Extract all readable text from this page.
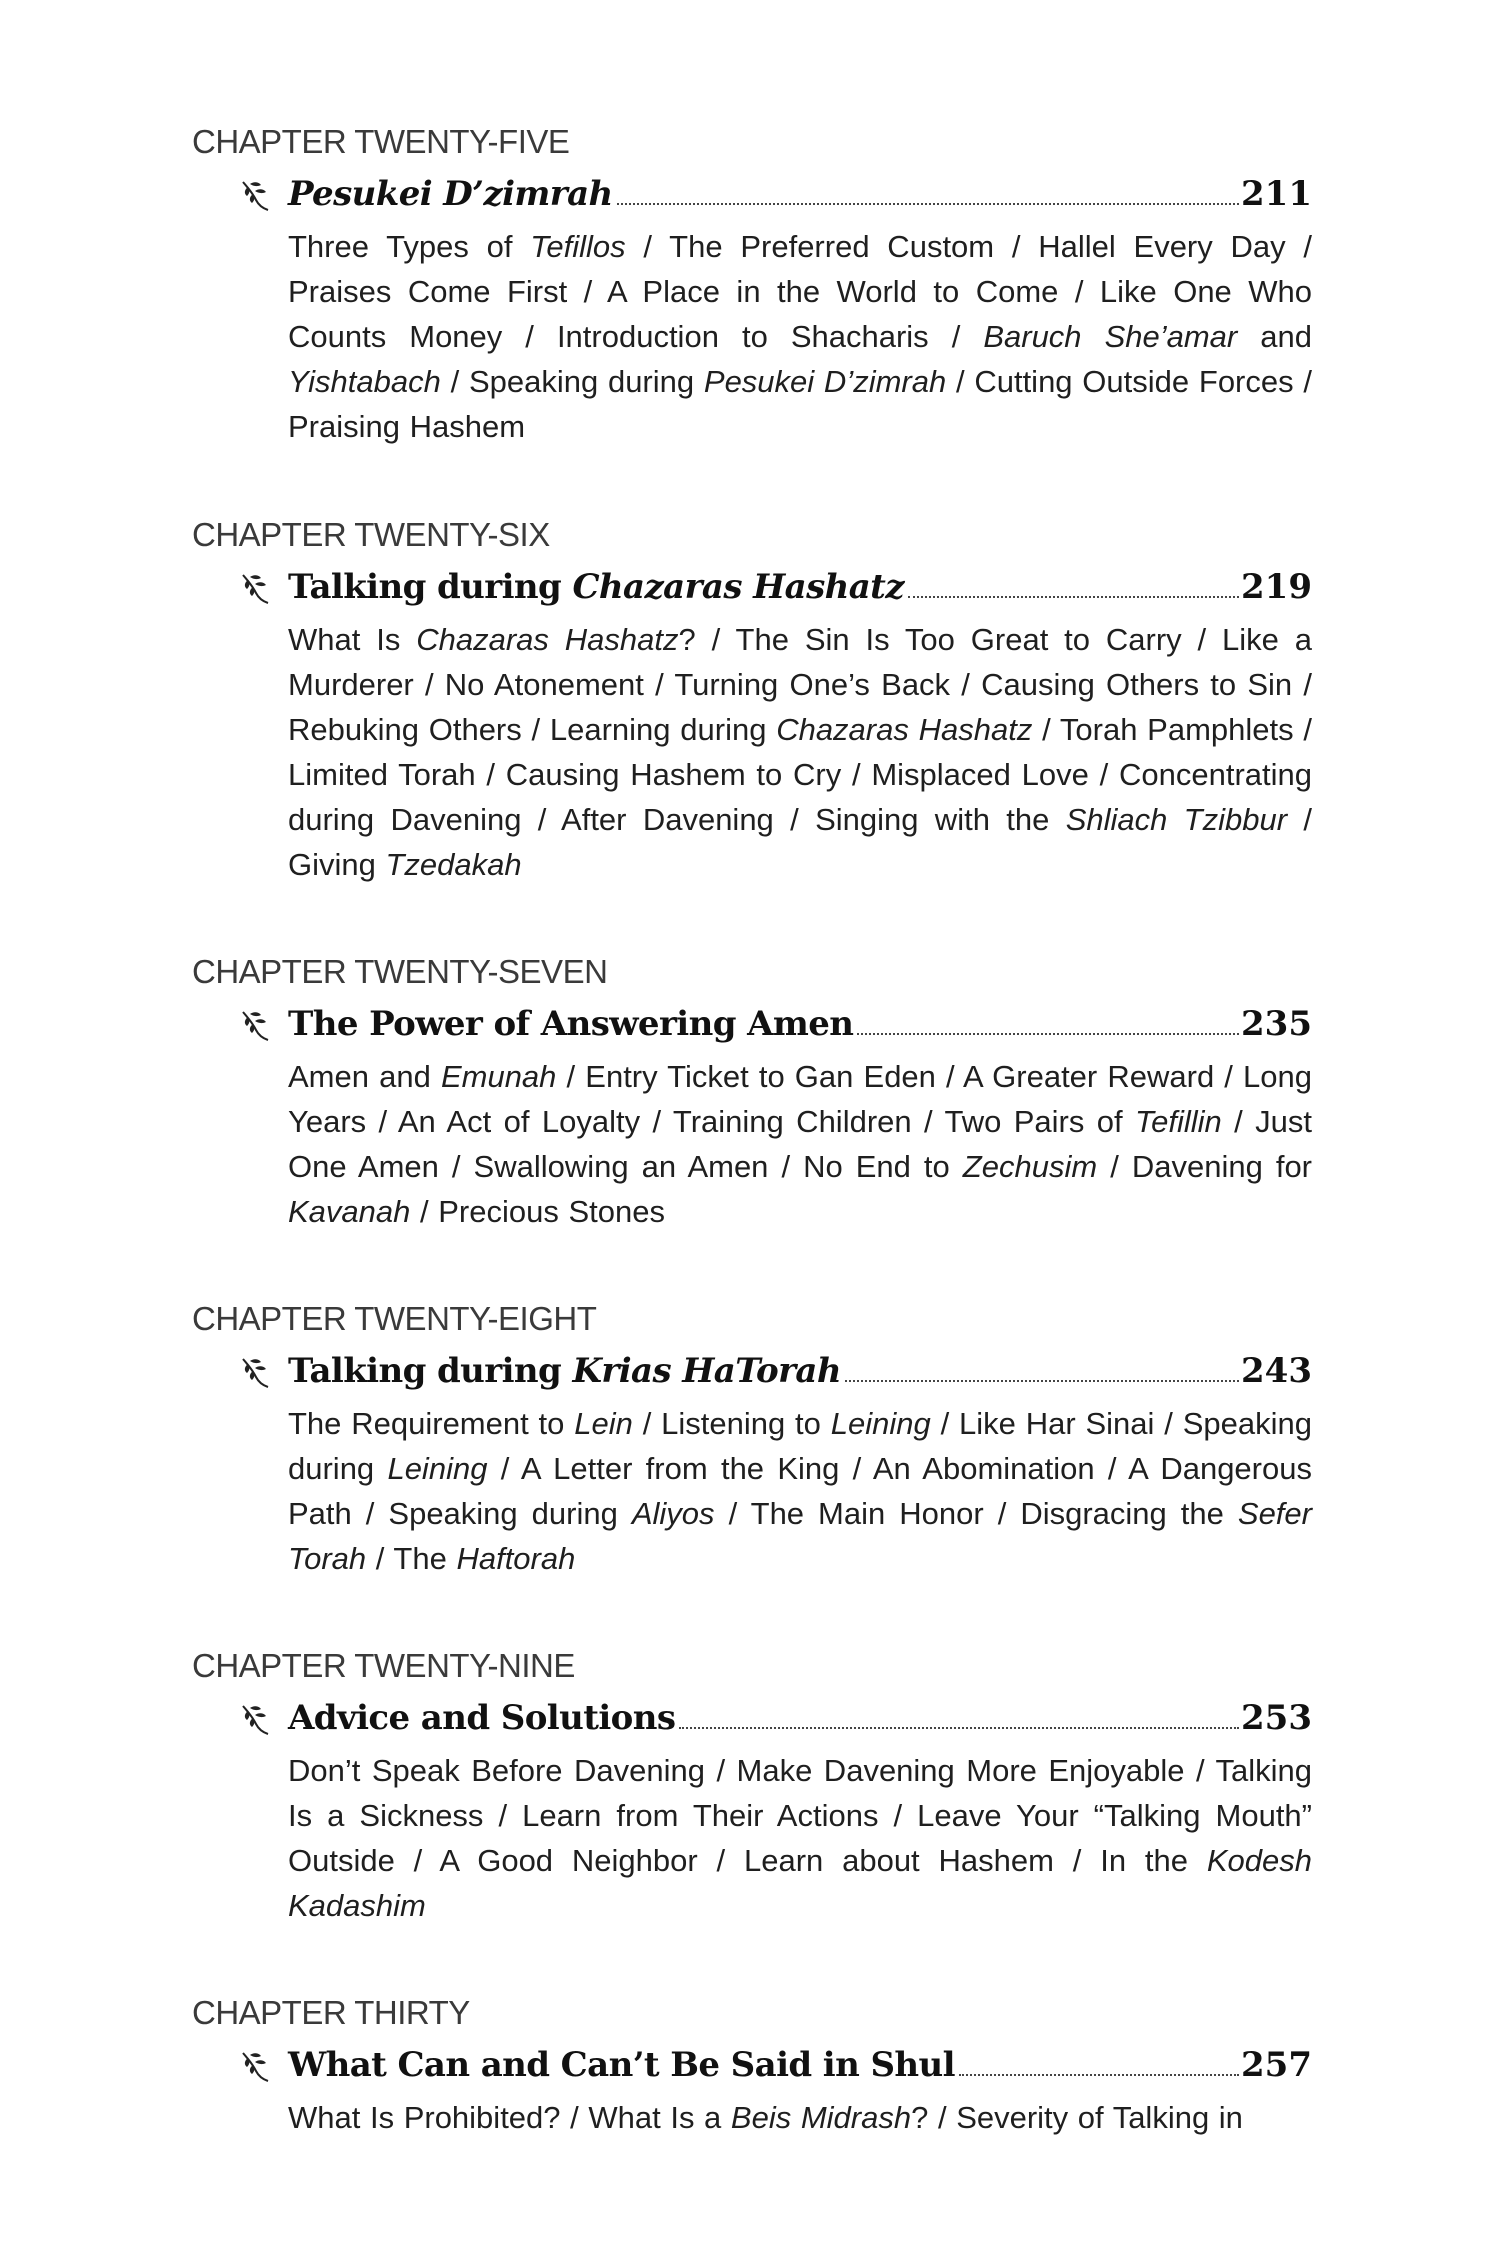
CHAPTER TWENTY-FIVE
Pesukei D’zimrah	211
Three Types of Tefillos / The Preferred Custom / Hallel Every Day / Praises Come First / A Place in the World to Come / Like One Who Counts Money / Introduction to Shacharis / Baruch She’amar and Yishtabach / Speaking during Pesukei D’zimrah / Cutting Outside Forces / Praising Hashem
CHAPTER TWENTY-SIX
Talking during Chazaras Hashatz	219
What Is Chazaras Hashatz? / The Sin Is Too Great to Carry / Like a Murderer / No Atonement / Turning One’s Back / Causing Others to Sin / Rebuking Others / Learning during Chazaras Hashatz / Torah Pamphlets / Limited Torah / Causing Hashem to Cry / Misplaced Love / Concentrating during Davening / After Davening / Singing with the Shliach Tzibbur / Giving Tzedakah
CHAPTER TWENTY-SEVEN
The Power of Answering Amen	235
Amen and Emunah / Entry Ticket to Gan Eden / A Greater Reward / Long Years / An Act of Loyalty / Training Children / Two Pairs of Tefillin / Just One Amen / Swallowing an Amen / No End to Zechusim / Davening for Kavanah / Precious Stones
CHAPTER TWENTY-EIGHT
Talking during Krias HaTorah	243
The Requirement to Lein / Listening to Leining / Like Har Sinai / Speaking during Leining / A Letter from the King / An Abomination / A Dangerous Path / Speaking during Aliyos / The Main Honor / Disgracing the Sefer Torah / The Haftorah
CHAPTER TWENTY-NINE
Advice and Solutions	253
Don’t Speak Before Davening / Make Davening More Enjoyable / Talking Is a Sickness / Learn from Their Actions / Leave Your “Talking Mouth” Outside / A Good Neighbor / Learn about Hashem / In the Kodesh Kadashim
CHAPTER THIRTY
What Can and Can’t Be Said in Shul	257
What Is Prohibited? / What Is a Beis Midrash? / Severity of Talking in
